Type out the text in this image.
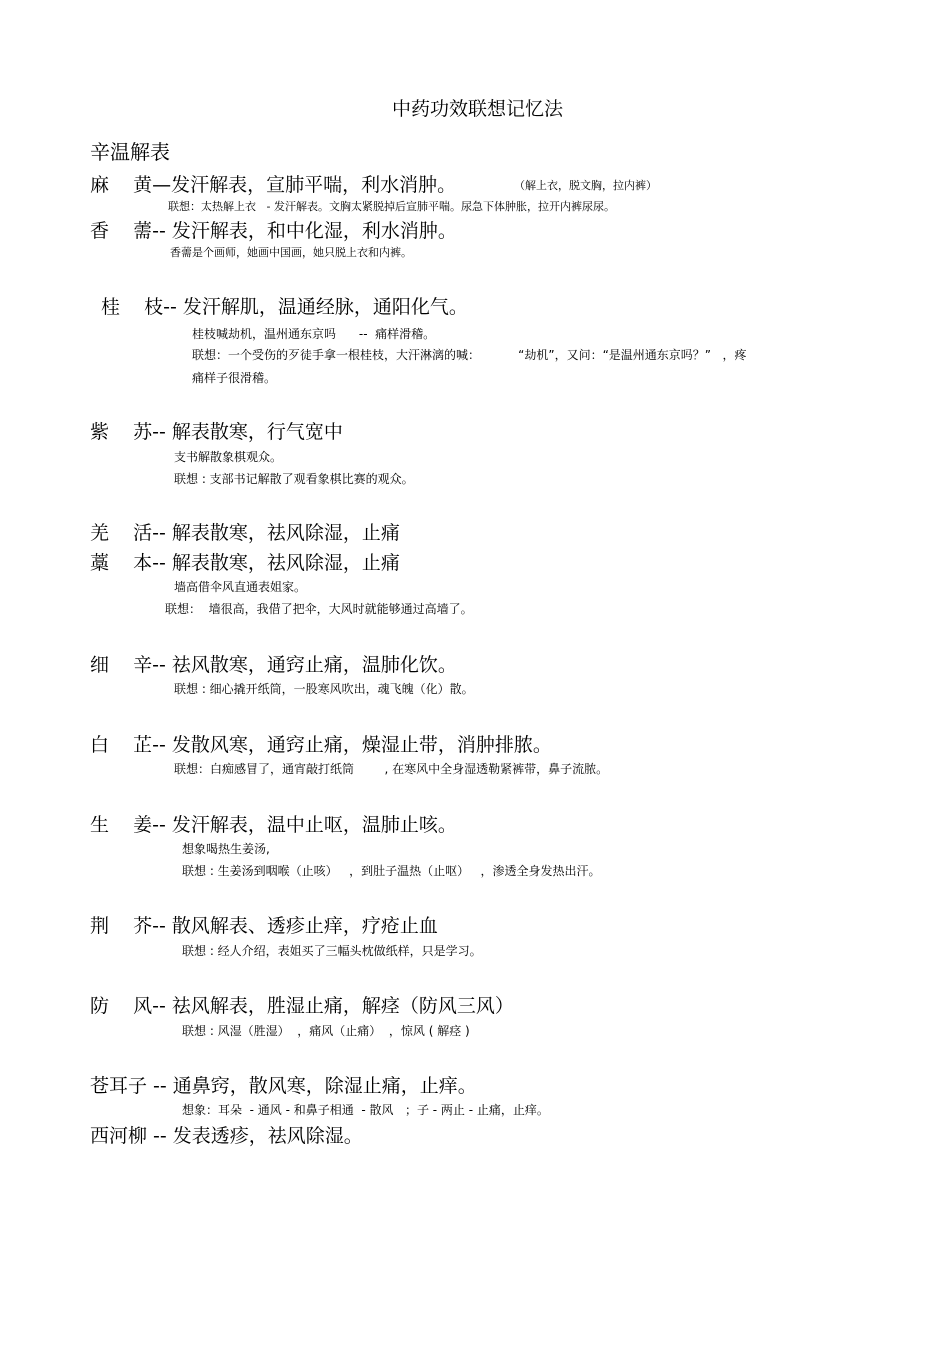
中药功效联想记忆法
辛温解表
麻    黄—发汗解表，宣肺平喘，利水消肿。	（解上衣，脱文胸，拉内裤）
联想：太热解上衣   - 发汗解表。文胸太紧脱掉后宣肺平喘。尿急下体肿胀，拉开内裤尿尿。
香    薷-- 发汗解表，和中化湿，利水消肿。
香薷是个画师，她画中国画，她只脱上衣和内裤。
桂    枝-- 发汗解肌，温通经脉，通阳化气。
桂枝喊劫机，温州通东京吗      --  痛样滑稽。
联想：一个受伤的歹徒手拿一根桂枝，大汗淋漓的喊：          “劫机”，又问：“是温州通东京吗？”   ，疼
痛样子很滑稽。
紫    苏-- 解表散寒，行气宽中
支书解散象棋观众。
联想 : 支部书记解散了观看象棋比赛的观众。
羌    活-- 解表散寒，祛风除湿，止痛
藁    本-- 解表散寒，祛风除湿，止痛
墙高借伞风直通表姐家。
联想：  墙很高，我借了把伞，大风时就能够通过高墙了。
细    辛-- 祛风散寒，通窍止痛，温肺化饮。
联想 : 细心撬开纸筒，一股寒风吹出，魂飞魄（化）散。
白    芷-- 发散风寒，通窍止痛，燥湿止带，消肿排脓。
联想：白痴感冒了，通宵敲打纸筒        , 在寒风中全身湿透勒紧裤带，鼻子流脓。
生    姜-- 发汗解表，温中止呕，温肺止咳。
想象喝热生姜汤,
联想 : 生姜汤到咽喉（止咳）   ，到肚子温热（止呕）   ，渗透全身发热出汗。
荆    芥-- 散风解表、透疹止痒，疗疮止血
联想 : 经人介绍，表姐买了三幅头枕做纸样，只是学习。
防    风-- 祛风解表，胜湿止痛，解痉（防风三风）
联想 : 风湿（胜湿）  ，痛风（止痛）  ，惊风 ( 解痉 )
苍耳子 -- 通鼻窍，散风寒，除湿止痛，止痒。
想象：耳朵  - 通风 - 和鼻子相通  - 散风   ；子 - 两止 - 止痛，止痒。
西河柳 -- 发表透疹，祛风除湿。
